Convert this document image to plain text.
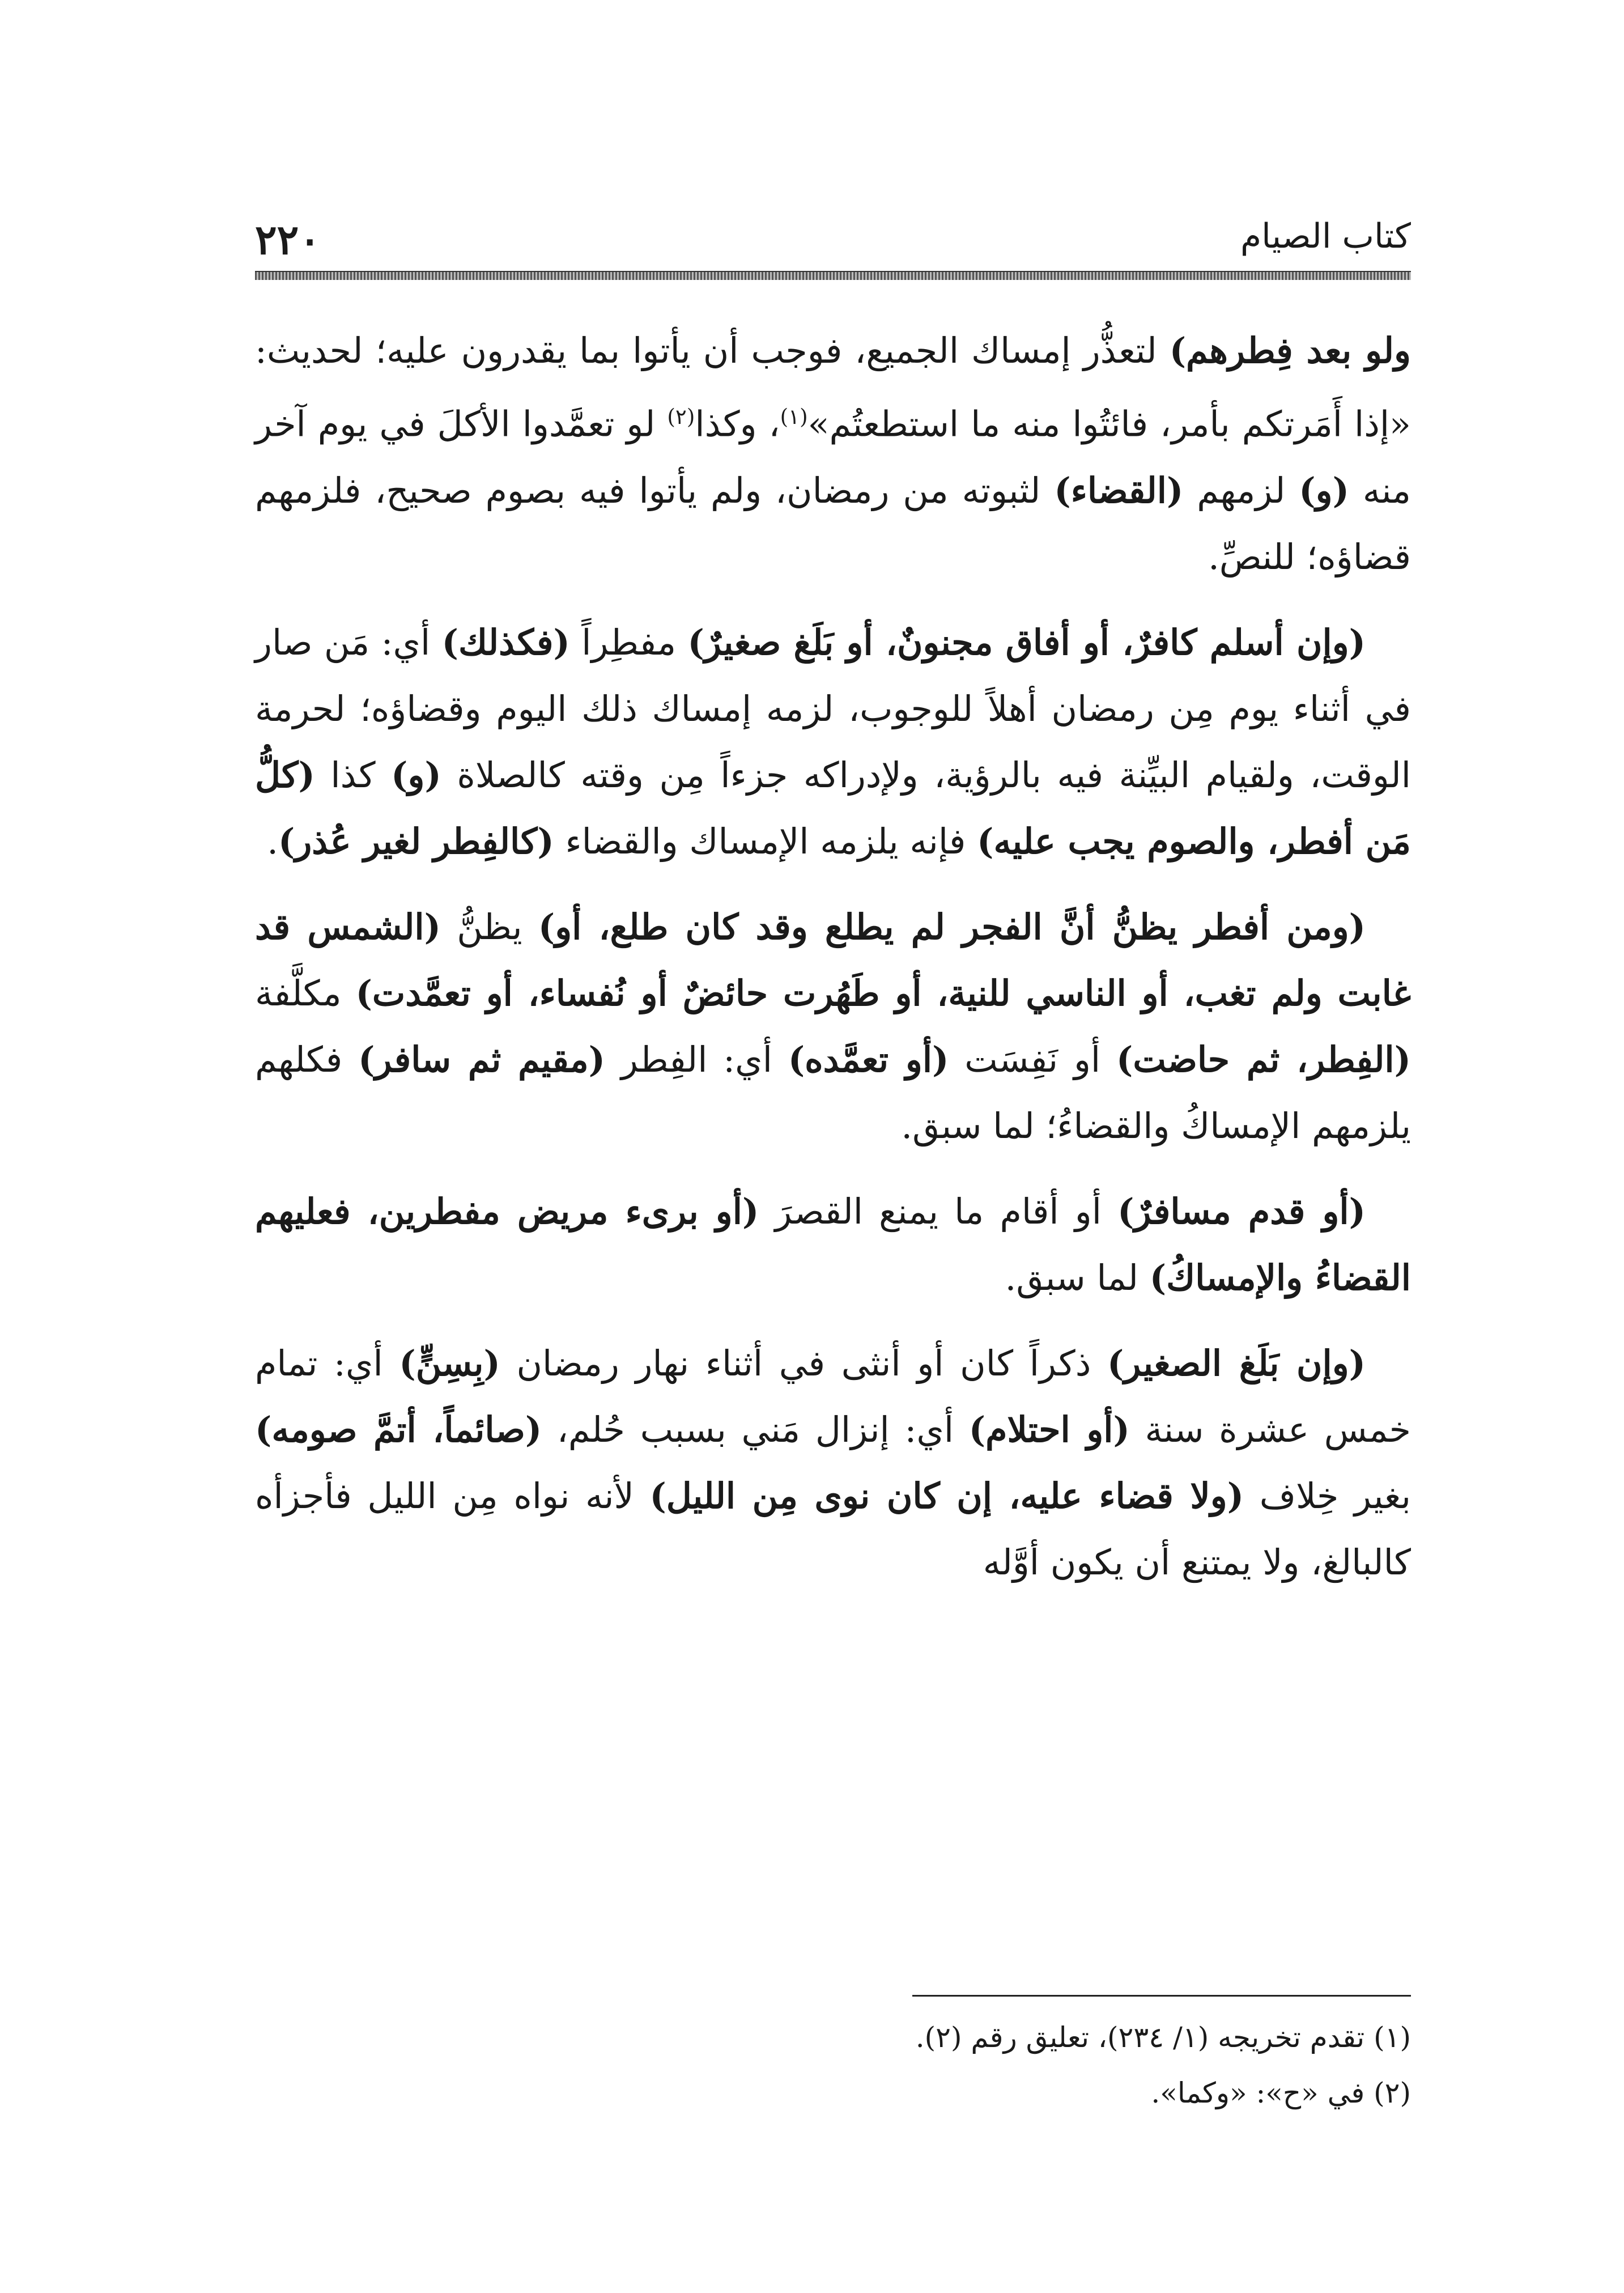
كتاب الصيام
٢٢٠

ولو بعد فِطرهم) لتعذُّر إمساك الجميع، فوجب أن يأتوا بما يقدرون عليه؛ لحديث: «إذا أَمَرتكم بأمر، فائتُوا منه ما استطعتُم»$^{(١)}$، وكذا$^{(٢)}$ لو تعمَّدوا الأكلَ في يوم آخر منه (و) لزمهم (القضاء) لثبوته من رمضان، ولم يأتوا فيه بصوم صحيح، فلزمهم قضاؤه؛ للنصِّ.

(وإن أسلم كافرٌ، أو أفاق مجنونٌ، أو بَلَغ صغيرٌ) مفطِراً (فكذلك) أي: مَن صار في أثناء يوم مِن رمضان أهلاً للوجوب، لزمه إمساك ذلك اليوم وقضاؤه؛ لحرمة الوقت، ولقيام البيِّنة فيه بالرؤية، ولإدراكه جزءاً مِن وقته كالصلاة (و) كذا (كلُّ مَن أفطر، والصوم يجب عليه) فإنه يلزمه الإمساك والقضاء (كالفِطر لغير عُذر).

(ومن أفطر يظنُّ أنَّ الفجر لم يطلع وقد كان طلع، أو) يظنُّ (الشمس قد غابت ولم تغب، أو الناسي للنية، أو طَهُرت حائضٌ أو نُفساء، أو تعمَّدت) مكلَّفة (الفِطر، ثم حاضت) أو نَفِسَت (أو تعمَّده) أي: الفِطر (مقيم ثم سافر) فكلهم يلزمهم الإمساكُ والقضاءُ؛ لما سبق.

(أو قدم مسافرٌ) أو أقام ما يمنع القصرَ (أو برىء مريض مفطرين، فعليهم القضاءُ والإمساكُ) لما سبق.

(وإن بَلَغ الصغير) ذكراً كان أو أنثى في أثناء نهار رمضان (بِسِنٍّ) أي: تمام خمس عشرة سنة (أو احتلام) أي: إنزال مَني بسبب حُلم، (صائماً، أتمَّ صومه) بغير خِلاف (ولا قضاء عليه، إن كان نوى مِن الليل) لأنه نواه مِن الليل فأجزأه كالبالغ، ولا يمتنع أن يكون أوَّله

(١) تقدم تخريجه (١/ ٢٣٤)، تعليق رقم (٢).

(٢) في «ح»: «وكما».
